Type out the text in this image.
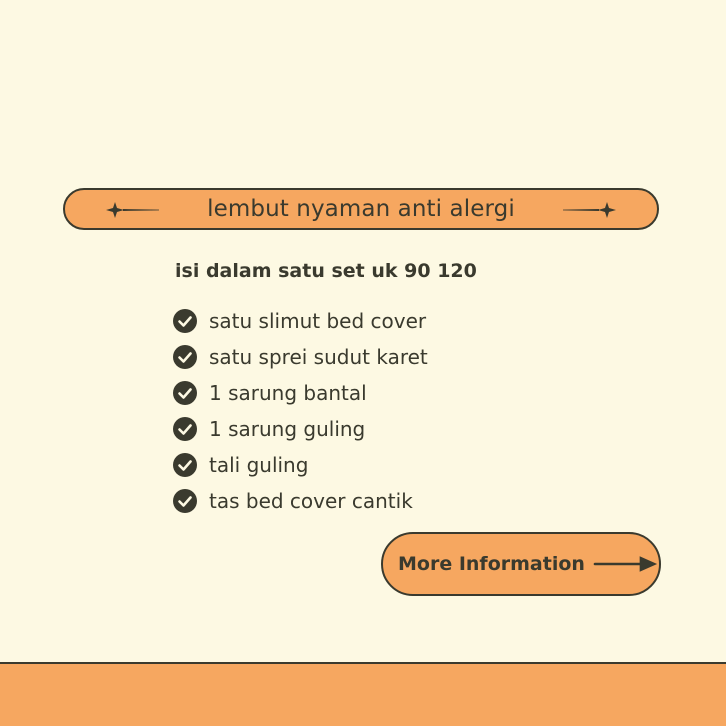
lembut nyaman anti alergi
isi dalam satu set uk 90 120
satu slimut bed cover
satu sprei sudut karet
1 sarung bantal
1 sarung guling
tali guling
tas bed cover cantik
More Information
